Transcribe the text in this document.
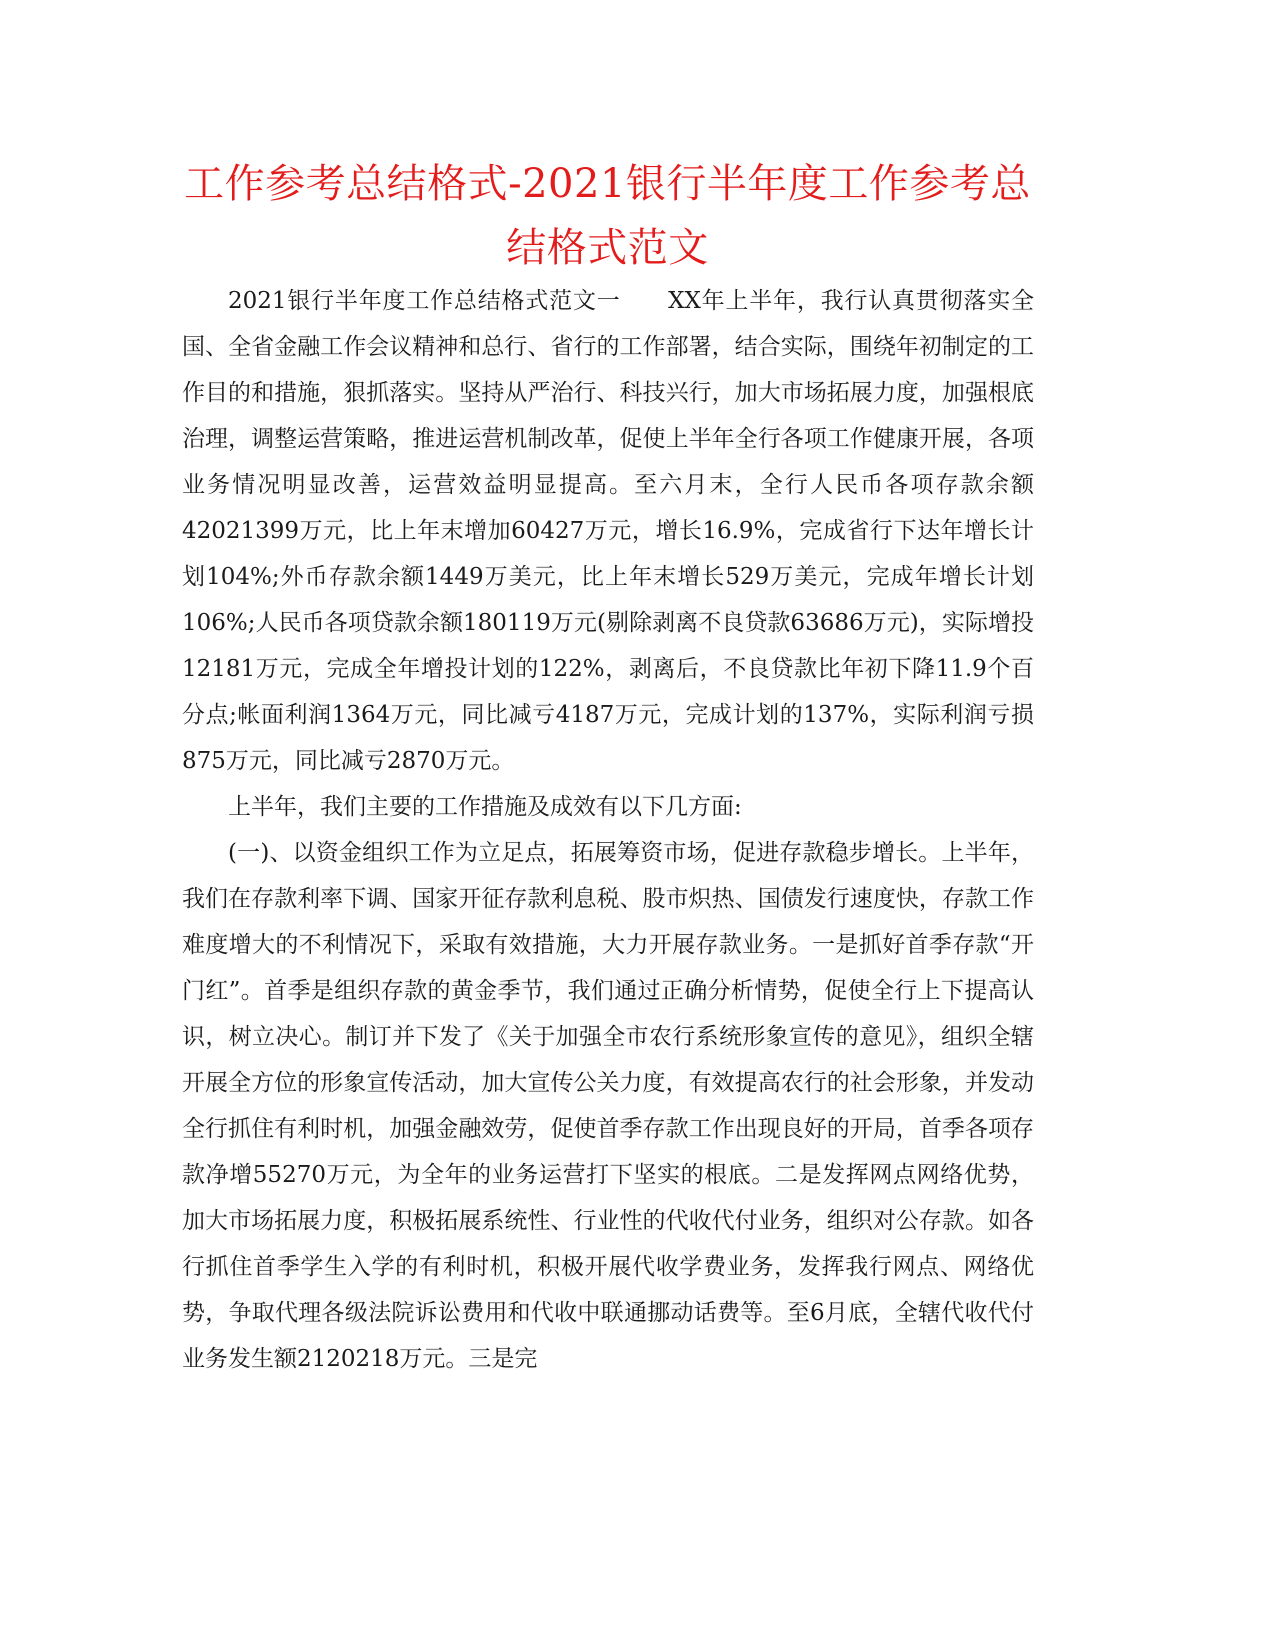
工作参考总结格式-2021银行半年度工作参考总结格式范文

2021银行半年度工作总结格式范文一　　XX年上半年，我行认真贯彻落实全国、全省金融工作会议精神和总行、省行的工作部署，结合实际，围绕年初制定的工作目的和措施，狠抓落实。坚持从严治行、科技兴行，加大市场拓展力度，加强根底治理，调整运营策略，推进运营机制改革，促使上半年全行各项工作健康开展，各项业务情况明显改善，运营效益明显提高。至六月末，全行人民币各项存款余额42021399万元，比上年末增加60427万元，增长16.9%，完成省行下达年增长计划104%;外币存款余额1449万美元，比上年末增长529万美元，完成年增长计划106%;人民币各项贷款余额180119万元(剔除剥离不良贷款63686万元)，实际增投12181万元，完成全年增投计划的122%，剥离后，不良贷款比年初下降11.9个百分点;帐面利润1364万元，同比减亏4187万元，完成计划的137%，实际利润亏损875万元，同比减亏2870万元。

上半年，我们主要的工作措施及成效有以下几方面:

(一)、以资金组织工作为立足点，拓展筹资市场，促进存款稳步增长。上半年，我们在存款利率下调、国家开征存款利息税、股市炽热、国债发行速度快，存款工作难度增大的不利情况下，采取有效措施，大力开展存款业务。一是抓好首季存款“开门红”。首季是组织存款的黄金季节，我们通过正确分析情势，促使全行上下提高认识，树立决心。制订并下发了《关于加强全市农行系统形象宣传的意见》，组织全辖开展全方位的形象宣传活动，加大宣传公关力度，有效提高农行的社会形象，并发动全行抓住有利时机，加强金融效劳，促使首季存款工作出现良好的开局，首季各项存款净增55270万元，为全年的业务运营打下坚实的根底。二是发挥网点网络优势，加大市场拓展力度，积极拓展系统性、行业性的代收代付业务，组织对公存款。如各行抓住首季学生入学的有利时机，积极开展代收学费业务，发挥我行网点、网络优势，争取代理各级法院诉讼费用和代收中联通挪动话费等。至6月底，全辖代收代付业务发生额2120218万元。三是完
